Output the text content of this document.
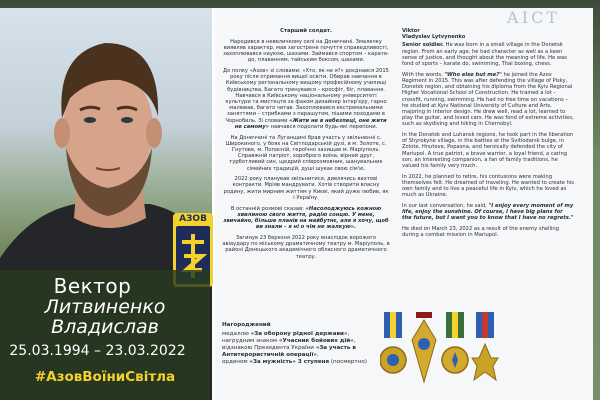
АЗОВ
Вектор
Литвиненко Владислав
25.03.1994 – 23.03.2022
#АзовВоїниСвітла
АІСТ

Старший солдат.

Народився в невеличкому селі на Донеччині. Змалечку виявляв характер, мав загострене почуття справедливості, захоплювався наукою, шахами. Займався спортом – карате-до, плаванням, тайським боксом, шахами.

До полку «Азов» зі словами: «Хто, як не я?» доєднався 2015 року після отримання вищої освіти. Обирав навчання в Київському регіональному вищому професійному училищі будівництва. Багато тренувався – кросфіт, біг, плавання. Навчався в Київському національному університеті культури та мистецтв за фахом дизайнер інтер'єру, гарно малював, багато читав. Захоплювався екстремальними заняттями – стрибками з парашутом, пішими походами в Чорнобиль. Зі словами «Жити не в небезпеці, оне жити не самому» навчався подолати будь-які перепони.

На Донеччині та Луганщині брав участь у звільненні с. Широкиного, у боях на Світлодарській дузі, в м. Золоте, с. Гнутове, м. Попасній, героїчно захищав м. Маріуполь. Справжній патріот, хороброго воїна, вірний друг, турботливий син, щедрий співрозмовник, шанувальник сімейних традицій, душі шукає свою сім'ю.

2022 року планував звільнитися, дивлячись вахтові контракти. Мріяв мандрувати. Хотів створити власну родину, жити мирним життям у Києві, який дуже любив, як і Україну.

В останній розмові сказав: «Насолоджуюсь кожною хвилиною свого життя, радію сонцю. У мене, звичайно, більше планів на майбутнє, але я хочу, щоб ви знали – я ні о чім не жалкую».

Загинув 23 березня 2022 року внаслідок ворожого авіаудару по міському драматичному театру м. Маріуполь, в районі Донецького академічного обласного драматичного театру.

Viktor
Vladyslav Lytvynenko

Senior soldier. He was born in a small village in the Donetsk region. From an early age, he had character as well as a keen sense of justice, and thought about the meaning of life. He was fond of sports – karate do, swimming, Thai boxing, chess.

With the words, "Who else but me?" he joined the Azov Regiment in 2015. This was after defending the village of Pisky, Donetsk region, and obtaining his diploma from the Kyiv Regional Higher Vocational School of Construction. He trained a lot – crossfit, running, swimming. He had no free time on vacations – he studied at Kyiv National University of Culture and Arts, majoring in interior design. He drew well, read a lot, learned to play the guitar, and loved cars. He was fond of extreme activities, such as skydiving and hiking in Chernobyl.

In the Donetsk and Luhansk regions, he took part in the liberation of Shyrokyne village, in the battles at the Svitlodarsk bulge, in Zolote, Hnutove, Popasna, and heroically defended the city of Mariupol. A true patriot, a brave warrior, a loyal friend, a caring son, an interesting companion, a fan of family traditions, he valued his family very much.

In 2022, he planned to retire, his contusions were making themselves felt. He dreamed of traveling. He wanted to create his own family and to live a peaceful life in Kyiv, which he loved as much as Ukraine.

In our last conversation, he said, "I enjoy every moment of my life, enjoy the sunshine. Of course, I have big plans for the future, but I want you to know that I have no regrets."

He died on March 23, 2022 as a result of the enemy shelling during a combat mission in Mariupol.

Нагороджений

медаллю «За оборону рідної держави»,

нагрудним знаком «Учасник бойових дій»,

відзнакою Президента України «За участь в Антитерористичній операції»,

орденом «За мужність» 3 ступеня (посмертно)
